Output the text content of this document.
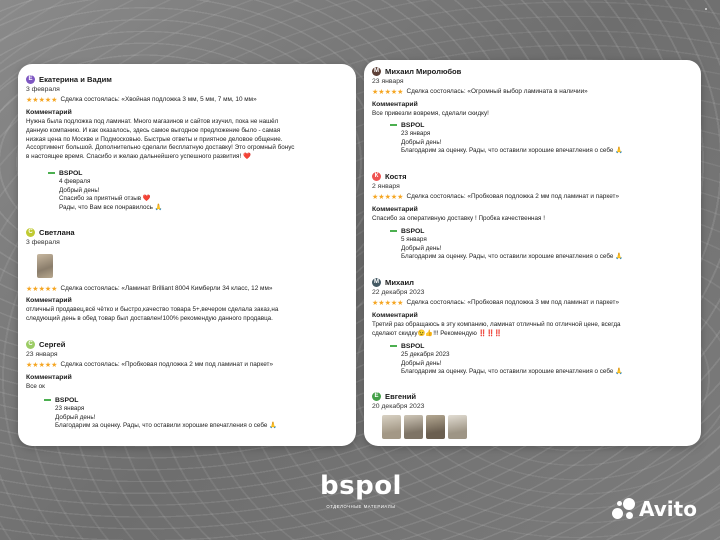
Е Екатерина и Вадим
3 февраля
★★★★★ Сделка состоялась: «Хвойная подложка 3 мм, 5 мм, 7 мм, 10 мм»
Комментарий
Нужна была подложка под ламинат. Много магазинов и сайтов изучил, пока не нашёл
данную компанию. И как оказалось, здесь самое выгодное предложение было - самая
низкая цена по Москве и Подмосковью. Быстрые ответы и приятное деловое общение.
Ассортимент большой. Дополнительно сделали бесплатную доставку! Это огромный бонус
в настоящее время. Спасибо и желаю дальнейшего успешного развития! ❤️
BSPOL
4 февраля
Добрый день!
Спасибо за приятный отзыв ❤️
Рады, что Вам все понравилось 🙏
С Светлана
3 февраля
★★★★★ Сделка состоялась: «Ламинат Brilliant 8004 Кимберли 34 класс, 12 мм»
Комментарий
отличный продавец,всё чётко и быстро,качество товара 5+,вечером сделала заказ,на
следующий день в обед товар был доставлен!100% рекомендую данного продавца.
С Сергей
23 января
★★★★★ Сделка состоялась: «Пробковая подложка 2 мм под ламинат и паркет»
Комментарий
Все ок
BSPOL
23 января
Добрый день!
Благодарим за оценку. Рады, что оставили хорошие впечатления о себе 🙏
М Михаил Миролюбов
23 января
★★★★★ Сделка состоялась: «Огромный выбор ламината в наличии»
Комментарий
Все привезли вовремя, сделали скидку!
BSPOL
23 января
Добрый день!
Благодарим за оценку. Рады, что оставили хорошие впечатления о себе 🙏
К Костя
2 января
★★★★★ Сделка состоялась: «Пробковая подложка 2 мм под ламинат и паркет»
Комментарий
Спасибо за оперативную доставку ! Пробка качественная !
BSPOL
5 января
Добрый день!
Благодарим за оценку. Рады, что оставили хорошие впечатления о себе 🙏
М Михаил
22 декабря 2023
★★★★★ Сделка состоялась: «Пробковая подложка 3 мм под ламинат и паркет»
Комментарий
Третий раз обращаюсь в эту компанию, ламинат отличный по отличной цене, всегда
сделают скидку😉👍!!! Рекомендую ‼️‼️‼️
BSPOL
25 декабря 2023
Добрый день!
Благодарим за оценку. Рады, что оставили хорошие впечатления о себе 🙏
Е Евгений
20 декабря 2023
bspol
ОТДЕЛОЧНЫЕ МАТЕРИАЛЫ	Avito
